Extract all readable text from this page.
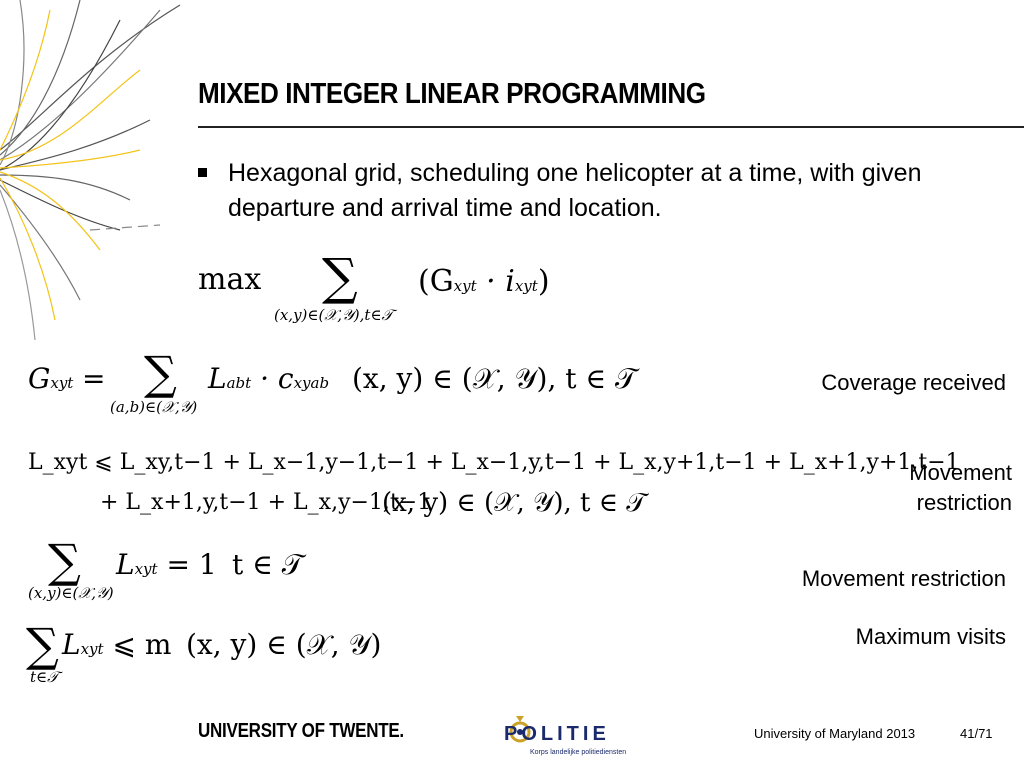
MIXED INTEGER LINEAR PROGRAMMING
Hexagonal grid, scheduling one helicopter at a time, with given departure and arrival time and location.
max ∑
(x,y)∈(𝒳,𝒴),t∈𝒯
(Gxyt · ixyt)
Gxyt = ∑
(a,b)∈(𝒳,𝒴)
Labt · cxyab (x, y) ∈ (𝒳, 𝒴), t ∈ 𝒯	Coverage received
L_xyt ⩽ L_xy,t−1 + L_x−1,y−1,t−1 + L_x−1,y,t−1 + L_x,y+1,t−1 + L_x+1,y+1,t−1
+ L_x+1,y,t−1 + L_x,y−1,t−1
(x, y) ∈ (𝒳, 𝒴), t ∈ 𝒯
Movement
restriction
∑
(x,y)∈(𝒳,𝒴)
Lxyt = 1 t ∈ 𝒯	Movement restriction
∑
t∈𝒯
Lxyt ⩽ m (x, y) ∈ (𝒳, 𝒴)	Maximum visits
UNIVERSITY OF TWENTE.	POLITIE
Korps landelijke politiediensten
University of Maryland 2013	41/71
